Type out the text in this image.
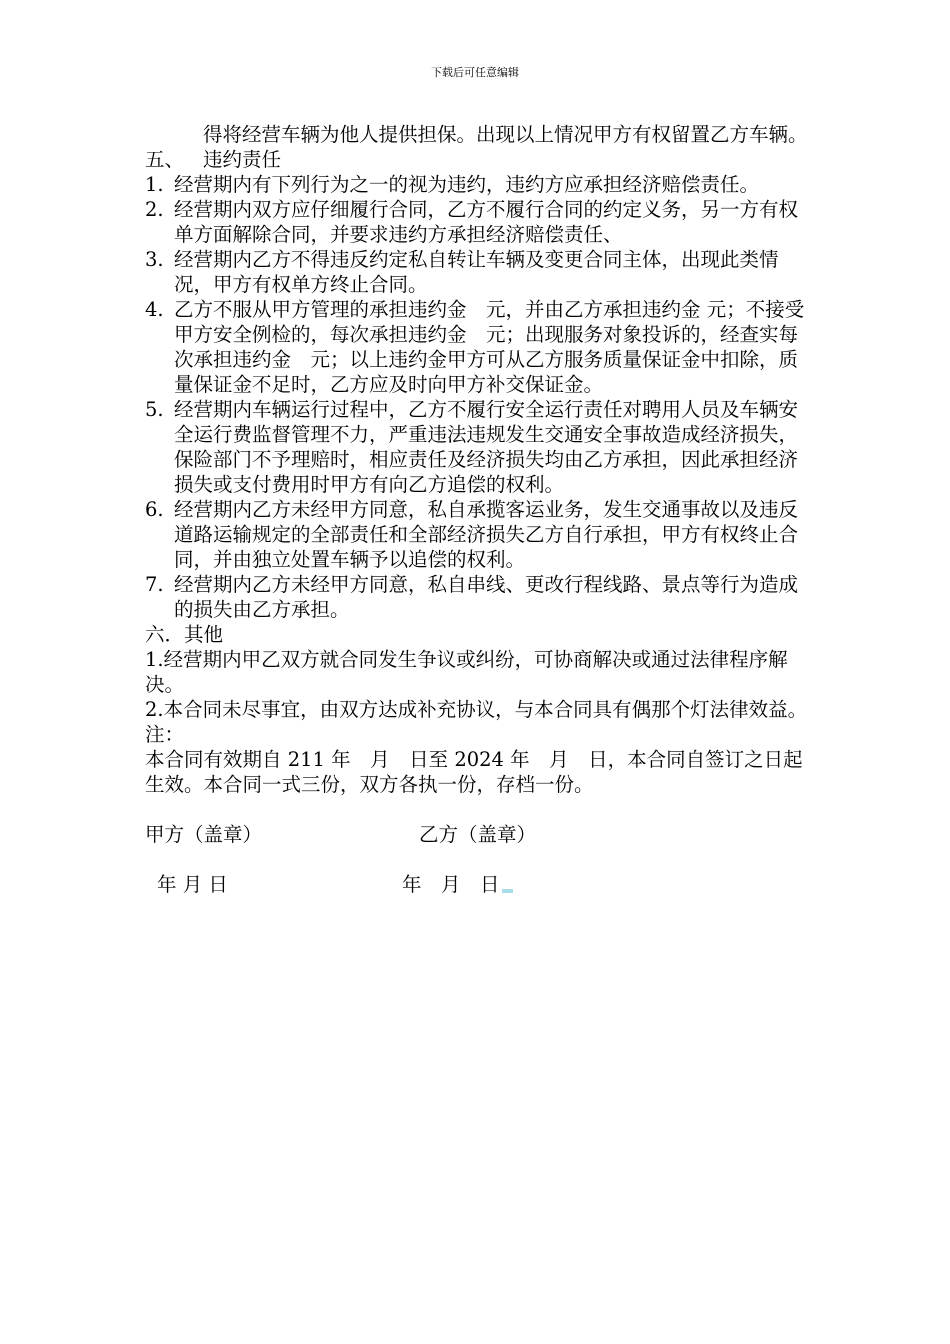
下载后可任意编辑

得将经营车辆为他人提供担保。出现以上情况甲方有权留置乙方车辆。

五、 违约责任
1. 经营期内有下列行为之一的视为违约，违约方应承担经济赔偿责任。
2. 经营期内双方应仔细履行合同，乙方不履行合同的约定义务，另一方有权单方面解除合同，并要求违约方承担经济赔偿责任、
3. 经营期内乙方不得违反约定私自转让车辆及变更合同主体，出现此类情况，甲方有权单方终止合同。
4. 乙方不服从甲方管理的承担违约金　元，并由乙方承担违约金 元；不接受甲方安全例检的，每次承担违约金　元；出现服务对象投诉的，经查实每次承担违约金　元；以上违约金甲方可从乙方服务质量保证金中扣除，质量保证金不足时，乙方应及时向甲方补交保证金。
5. 经营期内车辆运行过程中，乙方不履行安全运行责任对聘用人员及车辆安全运行费监督管理不力，严重违法违规发生交通安全事故造成经济损失，保险部门不予理赔时，相应责任及经济损失均由乙方承担，因此承担经济损失或支付费用时甲方有向乙方追偿的权利。
6. 经营期内乙方未经甲方同意，私自承揽客运业务，发生交通事故以及违反道路运输规定的全部责任和全部经济损失乙方自行承担，甲方有权终止合同，并由独立处置车辆予以追偿的权利。
7. 经营期内乙方未经甲方同意，私自串线、更改行程线路、景点等行为造成的损失由乙方承担。

六．其他

1.经营期内甲乙双方就合同发生争议或纠纷，可协商解决或通过法律程序解决。

2.本合同未尽事宜，由双方达成补充协议，与本合同具有偶那个灯法律效益。

注：

本合同有效期自 211 年　月　日至 2024 年　月　日，本合同自签订之日起生效。本合同一式三份，双方各执一份，存档一份。

甲方（盖章）	乙方（盖章）
年 月 日	年　月　日
